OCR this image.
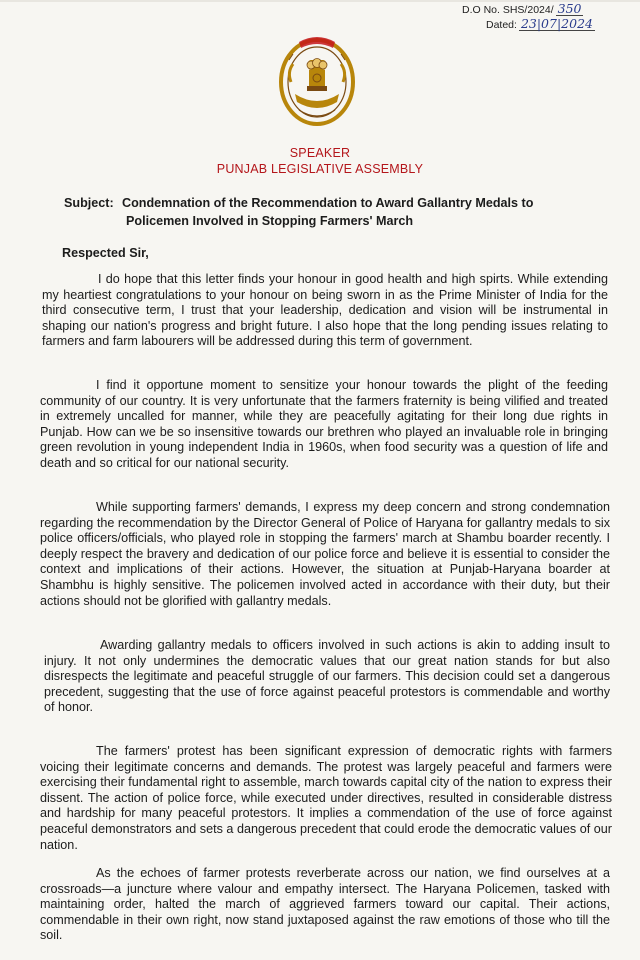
D.O No. SHS/2024/ 350
Dated: 23|07|2024
SPEAKER
PUNJAB LEGISLATIVE ASSEMBLY
Subject: Condemnation of the Recommendation to Award Gallantry Medals to
Policemen Involved in Stopping Farmers' March
Respected Sir,

I do hope that this letter finds your honour in good health and high spirts. While extending my heartiest congratulations to your honour on being sworn in as the Prime Minister of India for the third consecutive term, I trust that your leadership, dedication and vision will be instrumental in shaping our nation's progress and bright future. I also hope that the long pending issues relating to farmers and farm labourers will be addressed during this term of government.

I find it opportune moment to sensitize your honour towards the plight of the feeding community of our country. It is very unfortunate that the farmers fraternity is being vilified and treated in extremely uncalled for manner, while they are peacefully agitating for their long due rights in Punjab. How can we be so insensitive towards our brethren who played an invaluable role in bringing green revolution in young independent India in 1960s, when food security was a question of life and death and so critical for our national security.

While supporting farmers' demands, I express my deep concern and strong condemnation regarding the recommendation by the Director General of Police of Haryana for gallantry medals to six police officers/officials, who played role in stopping the farmers' march at Shambu boarder recently. I deeply respect the bravery and dedication of our police force and believe it is essential to consider the context and implications of their actions. However, the situation at Punjab-Haryana boarder at Shambhu is highly sensitive. The policemen involved acted in accordance with their duty, but their actions should not be glorified with gallantry medals.

Awarding gallantry medals to officers involved in such actions is akin to adding insult to injury. It not only undermines the democratic values that our great nation stands for but also disrespects the legitimate and peaceful struggle of our farmers. This decision could set a dangerous precedent, suggesting that the use of force against peaceful protestors is commendable and worthy of honor.

The farmers' protest has been significant expression of democratic rights with farmers voicing their legitimate concerns and demands. The protest was largely peaceful and farmers were exercising their fundamental right to assemble, march towards capital city of the nation to express their dissent. The action of police force, while executed under directives, resulted in considerable distress and hardship for many peaceful protestors. It implies a commendation of the use of force against peaceful demonstrators and sets a dangerous precedent that could erode the democratic values of our nation.

As the echoes of farmer protests reverberate across our nation, we find ourselves at a crossroads—a juncture where valour and empathy intersect. The Haryana Policemen, tasked with maintaining order, halted the march of aggrieved farmers toward our capital. Their actions, commendable in their own right, now stand juxtaposed against the raw emotions of those who till the soil.
